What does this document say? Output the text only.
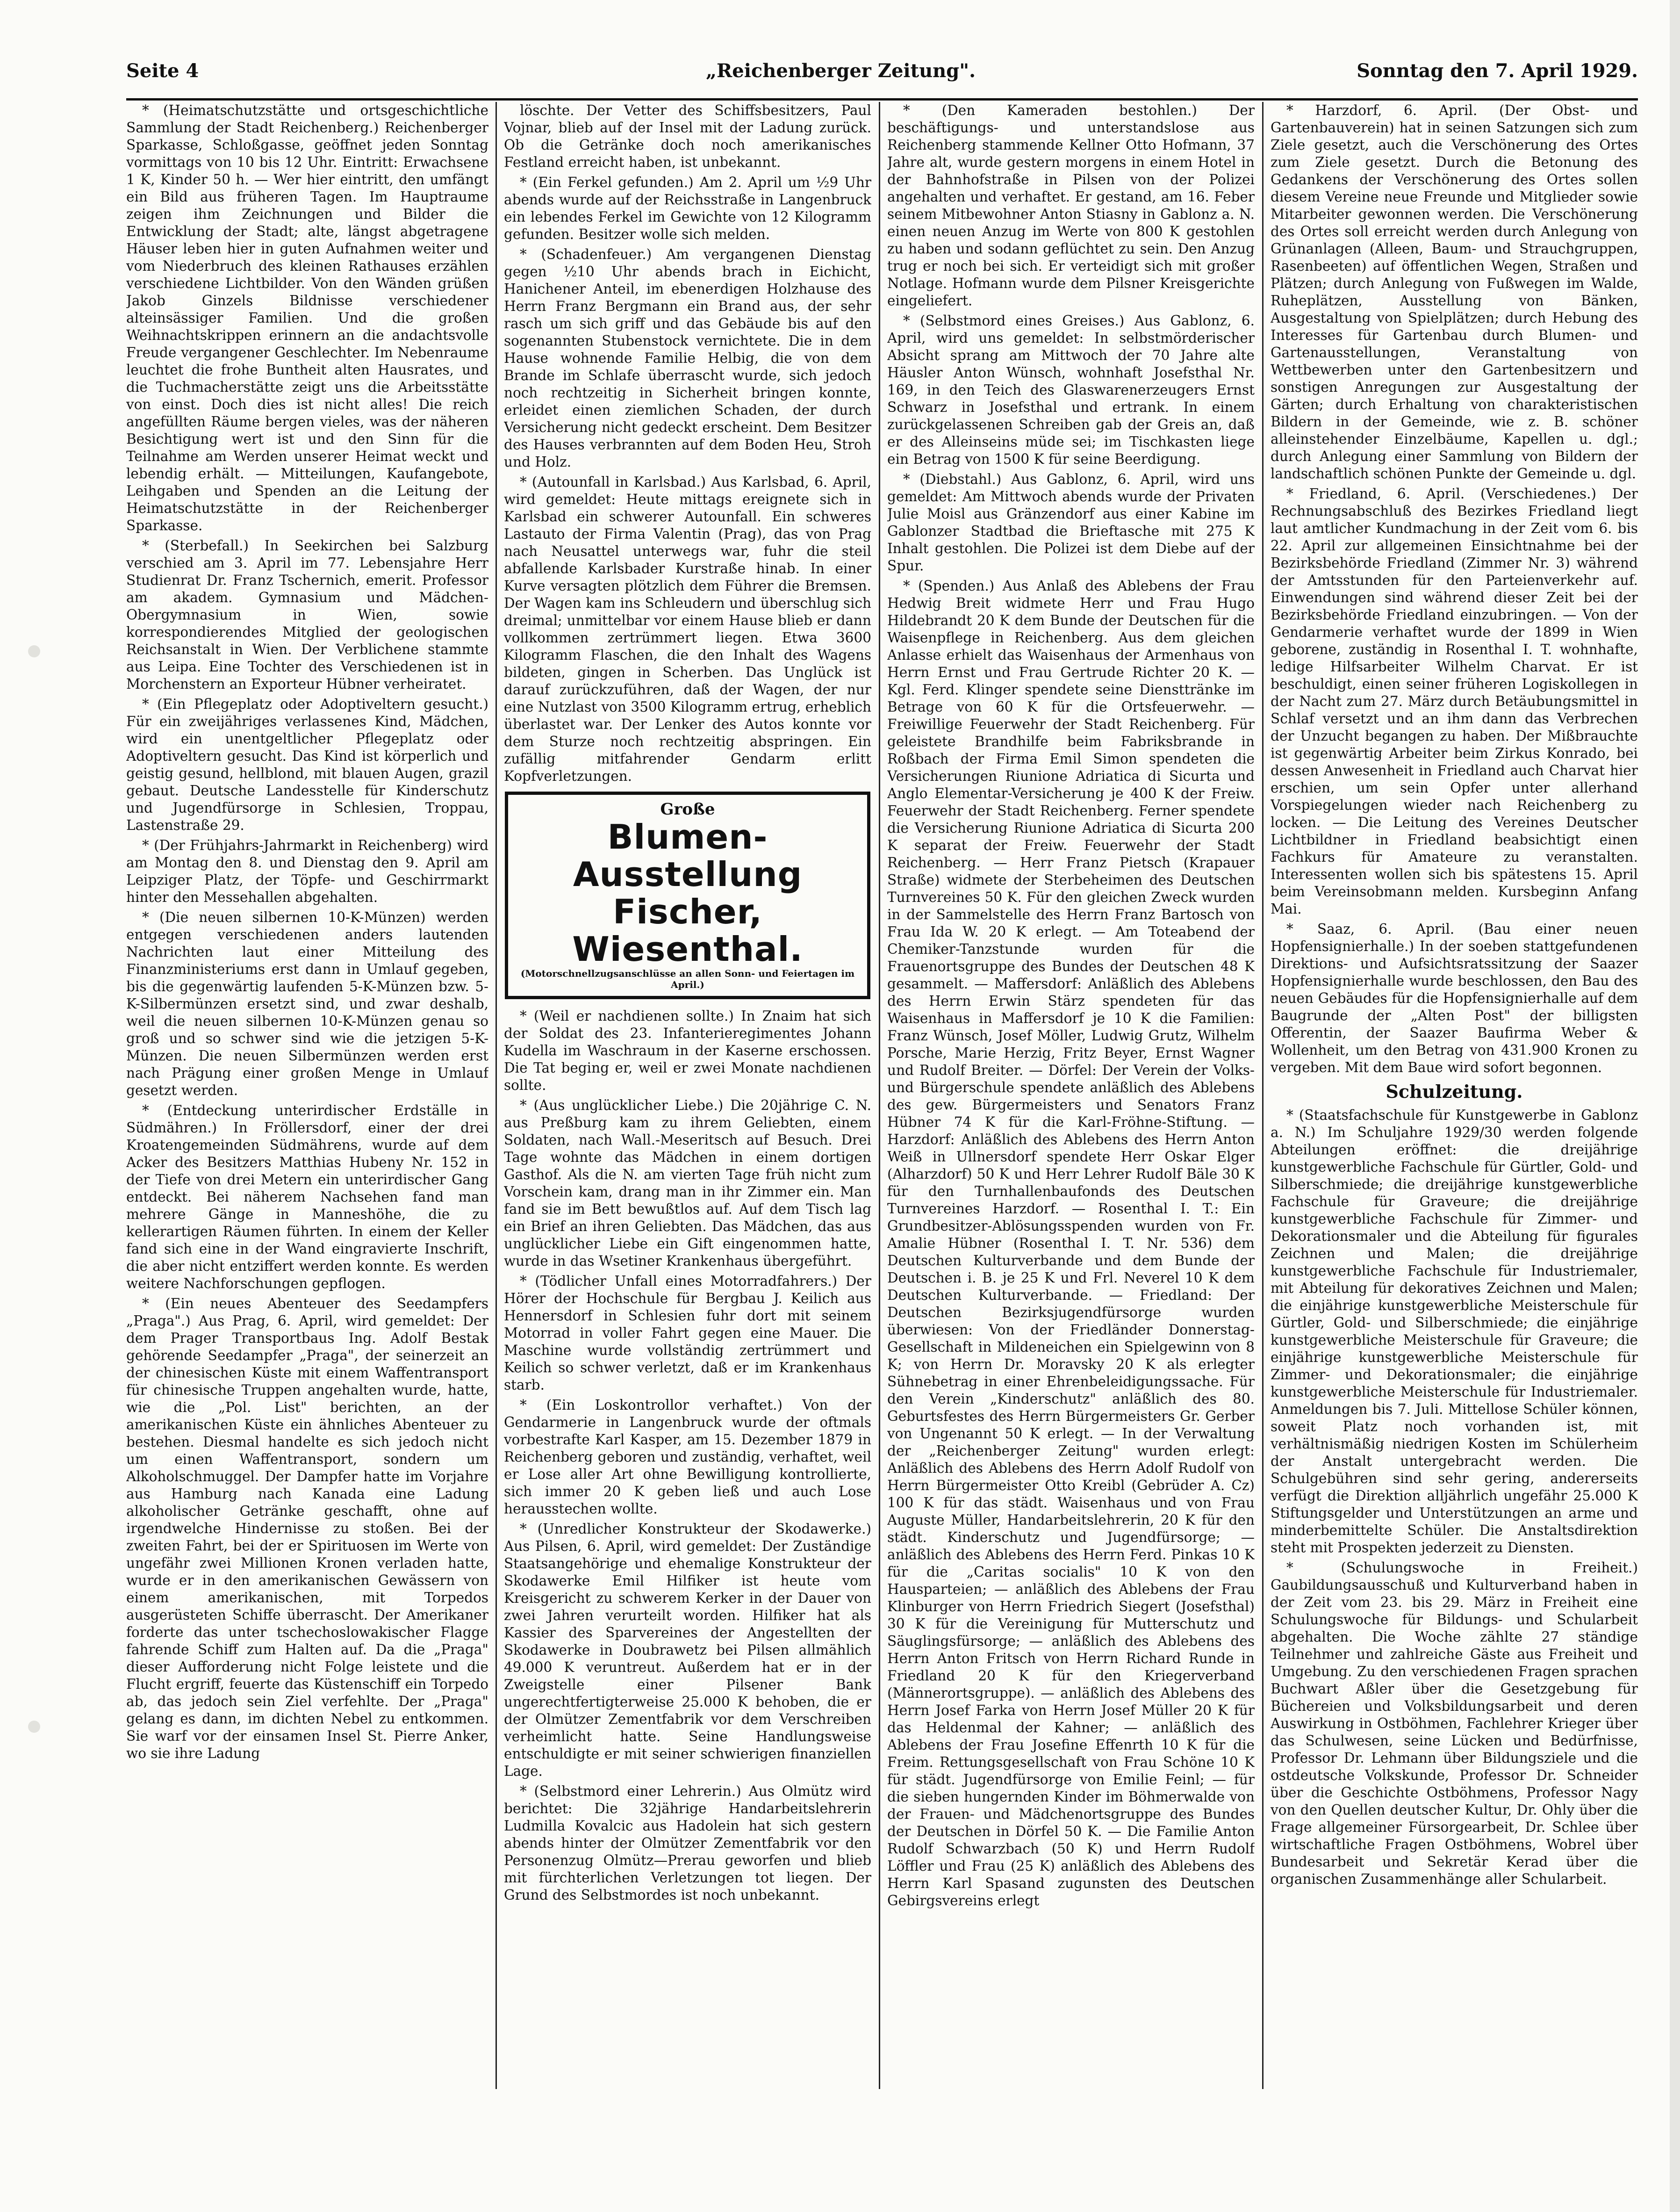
Seite 4	„Reichenberger Zeitung".	Sonntag den 7. April 1929.

* (Heimatschutzstätte und ortsgeschichtliche Sammlung der Stadt Reichenberg.) Reichenberger Sparkasse, Schloßgasse, geöffnet jeden Sonntag vormittags von 10 bis 12 Uhr. Eintritt: Erwachsene 1 K, Kinder 50 h. — Wer hier eintritt, den umfängt ein Bild aus früheren Tagen. Im Hauptraume zeigen ihm Zeichnungen und Bilder die Entwicklung der Stadt; alte, längst abgetragene Häuser leben hier in guten Aufnahmen weiter und vom Niederbruch des kleinen Rathauses erzählen verschiedene Lichtbilder. Von den Wänden grüßen Jakob Ginzels Bildnisse verschiedener alteinsässiger Familien. Und die großen Weihnachtskrippen erinnern an die andachtsvolle Freude vergangener Geschlechter. Im Nebenraume leuchtet die frohe Buntheit alten Hausrates, und die Tuchmacherstätte zeigt uns die Arbeitsstätte von einst. Doch dies ist nicht alles! Die reich angefüllten Räume bergen vieles, was der näheren Besichtigung wert ist und den Sinn für die Teilnahme am Werden unserer Heimat weckt und lebendig erhält. — Mitteilungen, Kaufangebote, Leihgaben und Spenden an die Leitung der Heimatschutzstätte in der Reichenberger Sparkasse.

* (Sterbefall.) In Seekirchen bei Salzburg verschied am 3. April im 77. Lebensjahre Herr Studienrat Dr. Franz Tschernich, emerit. Professor am akadem. Gymnasium und Mädchen-Obergymnasium in Wien, sowie korrespondierendes Mitglied der geologischen Reichsanstalt in Wien. Der Verblichene stammte aus Leipa. Eine Tochter des Verschiedenen ist in Morchenstern an Exporteur Hübner verheiratet.

* (Ein Pflegeplatz oder Adoptiveltern gesucht.) Für ein zweijähriges verlassenes Kind, Mädchen, wird ein unentgeltlicher Pflegeplatz oder Adoptiveltern gesucht. Das Kind ist körperlich und geistig gesund, hellblond, mit blauen Augen, grazil gebaut. Deutsche Landesstelle für Kinderschutz und Jugendfürsorge in Schlesien, Troppau, Lastenstraße 29.

* (Der Frühjahrs-Jahrmarkt in Reichenberg) wird am Montag den 8. und Dienstag den 9. April am Leipziger Platz, der Töpfe- und Geschirrmarkt hinter den Messehallen abgehalten.

* (Die neuen silbernen 10-K-Münzen) werden entgegen verschiedenen anders lautenden Nachrichten laut einer Mitteilung des Finanzministeriums erst dann in Umlauf gegeben, bis die gegenwärtig laufenden 5-K-Münzen bzw. 5-K-Silbermünzen ersetzt sind, und zwar deshalb, weil die neuen silbernen 10-K-Münzen genau so groß und so schwer sind wie die jetzigen 5-K-Münzen. Die neuen Silbermünzen werden erst nach Prägung einer großen Menge in Umlauf gesetzt werden.

* (Entdeckung unterirdischer Erdställe in Südmähren.) In Fröllersdorf, einer der drei Kroatengemeinden Südmährens, wurde auf dem Acker des Besitzers Matthias Hubeny Nr. 152 in der Tiefe von drei Metern ein unterirdischer Gang entdeckt. Bei näherem Nachsehen fand man mehrere Gänge in Manneshöhe, die zu kellerartigen Räumen führten. In einem der Keller fand sich eine in der Wand eingravierte Inschrift, die aber nicht entziffert werden konnte. Es werden weitere Nachforschungen gepflogen.

* (Ein neues Abenteuer des Seedampfers „Praga".) Aus Prag, 6. April, wird gemeldet: Der dem Prager Transportbaus Ing. Adolf Bestak gehörende Seedampfer „Praga", der seinerzeit an der chinesischen Küste mit einem Waffentransport für chinesische Truppen angehalten wurde, hatte, wie die „Pol. List" berichten, an der amerikanischen Küste ein ähnliches Abenteuer zu bestehen. Diesmal handelte es sich jedoch nicht um einen Waffentransport, sondern um Alkoholschmuggel. Der Dampfer hatte im Vorjahre aus Hamburg nach Kanada eine Ladung alkoholischer Getränke geschafft, ohne auf irgendwelche Hindernisse zu stoßen. Bei der zweiten Fahrt, bei der er Spirituosen im Werte von ungefähr zwei Millionen Kronen verladen hatte, wurde er in den amerikanischen Gewässern von einem amerikanischen, mit Torpedos ausgerüsteten Schiffe überrascht. Der Amerikaner forderte das unter tschechoslowakischer Flagge fahrende Schiff zum Halten auf. Da die „Praga" dieser Aufforderung nicht Folge leistete und die Flucht ergriff, feuerte das Küstenschiff ein Torpedo ab, das jedoch sein Ziel verfehlte. Der „Praga" gelang es dann, im dichten Nebel zu entkommen. Sie warf vor der einsamen Insel St. Pierre Anker, wo sie ihre Ladung

löschte. Der Vetter des Schiffsbesitzers, Paul Vojnar, blieb auf der Insel mit der Ladung zurück. Ob die Getränke doch noch amerikanisches Festland erreicht haben, ist unbekannt.

* (Ein Ferkel gefunden.) Am 2. April um ½9 Uhr abends wurde auf der Reichsstraße in Langenbruck ein lebendes Ferkel im Gewichte von 12 Kilogramm gefunden. Besitzer wolle sich melden.

* (Schadenfeuer.) Am vergangenen Dienstag gegen ½10 Uhr abends brach in Eichicht, Hanichener Anteil, im ebenerdigen Holzhause des Herrn Franz Bergmann ein Brand aus, der sehr rasch um sich griff und das Gebäude bis auf den sogenannten Stubenstock vernichtete. Die in dem Hause wohnende Familie Helbig, die von dem Brande im Schlafe überrascht wurde, sich jedoch noch rechtzeitig in Sicherheit bringen konnte, erleidet einen ziemlichen Schaden, der durch Versicherung nicht gedeckt erscheint. Dem Besitzer des Hauses verbrannten auf dem Boden Heu, Stroh und Holz.

* (Autounfall in Karlsbad.) Aus Karlsbad, 6. April, wird gemeldet: Heute mittags ereignete sich in Karlsbad ein schwerer Autounfall. Ein schweres Lastauto der Firma Valentin (Prag), das von Prag nach Neusattel unterwegs war, fuhr die steil abfallende Karlsbader Kurstraße hinab. In einer Kurve versagten plötzlich dem Führer die Bremsen. Der Wagen kam ins Schleudern und überschlug sich dreimal; unmittelbar vor einem Hause blieb er dann vollkommen zertrümmert liegen. Etwa 3600 Kilogramm Flaschen, die den Inhalt des Wagens bildeten, gingen in Scherben. Das Unglück ist darauf zurückzuführen, daß der Wagen, der nur eine Nutzlast von 3500 Kilogramm ertrug, erheblich überlastet war. Der Lenker des Autos konnte vor dem Sturze noch rechtzeitig abspringen. Ein zufällig mitfahrender Gendarm erlitt Kopfverletzungen.

Große
Blumen-Ausstellung
Fischer, Wiesenthal.
(Motorschnellzugsanschlüsse an allen Sonn- und Feiertagen im April.)

* (Weil er nachdienen sollte.) In Znaim hat sich der Soldat des 23. Infanterieregimentes Johann Kudella im Waschraum in der Kaserne erschossen. Die Tat beging er, weil er zwei Monate nachdienen sollte.

* (Aus unglücklicher Liebe.) Die 20jährige C. N. aus Preßburg kam zu ihrem Geliebten, einem Soldaten, nach Wall.-Meseritsch auf Besuch. Drei Tage wohnte das Mädchen in einem dortigen Gasthof. Als die N. am vierten Tage früh nicht zum Vorschein kam, drang man in ihr Zimmer ein. Man fand sie im Bett bewußtlos auf. Auf dem Tisch lag ein Brief an ihren Geliebten. Das Mädchen, das aus unglücklicher Liebe ein Gift eingenommen hatte, wurde in das Wsetiner Krankenhaus übergeführt.

* (Tödlicher Unfall eines Motorradfahrers.) Der Hörer der Hochschule für Bergbau J. Keilich aus Hennersdorf in Schlesien fuhr dort mit seinem Motorrad in voller Fahrt gegen eine Mauer. Die Maschine wurde vollständig zertrümmert und Keilich so schwer verletzt, daß er im Krankenhaus starb.

* (Ein Loskontrollor verhaftet.) Von der Gendarmerie in Langenbruck wurde der oftmals vorbestrafte Karl Kasper, am 15. Dezember 1879 in Reichenberg geboren und zuständig, verhaftet, weil er Lose aller Art ohne Bewilligung kontrollierte, sich immer 20 K geben ließ und auch Lose herausstechen wollte.

* (Unredlicher Konstrukteur der Skodawerke.) Aus Pilsen, 6. April, wird gemeldet: Der Zuständige Staatsangehörige und ehemalige Konstrukteur der Skodawerke Emil Hilfiker ist heute vom Kreisgericht zu schwerem Kerker in der Dauer von zwei Jahren verurteilt worden. Hilfiker hat als Kassier des Sparvereines der Angestellten der Skodawerke in Doubrawetz bei Pilsen allmählich 49.000 K veruntreut. Außerdem hat er in der Zweigstelle einer Pilsener Bank ungerechtfertigterweise 25.000 K behoben, die er der Olmützer Zementfabrik vor dem Verschreiben verheimlicht hatte. Seine Handlungsweise entschuldigte er mit seiner schwierigen finanziellen Lage.

* (Selbstmord einer Lehrerin.) Aus Olmütz wird berichtet: Die 32jährige Handarbeitslehrerin Ludmilla Kovalcic aus Hadolein hat sich gestern abends hinter der Olmützer Zementfabrik vor den Personenzug Olmütz—Prerau geworfen und blieb mit fürchterlichen Verletzungen tot liegen. Der Grund des Selbstmordes ist noch unbekannt.

* (Den Kameraden bestohlen.) Der beschäftigungs- und unterstandslose aus Reichenberg stammende Kellner Otto Hofmann, 37 Jahre alt, wurde gestern morgens in einem Hotel in der Bahnhofstraße in Pilsen von der Polizei angehalten und verhaftet. Er gestand, am 16. Feber seinem Mitbewohner Anton Stiasny in Gablonz a. N. einen neuen Anzug im Werte von 800 K gestohlen zu haben und sodann geflüchtet zu sein. Den Anzug trug er noch bei sich. Er verteidigt sich mit großer Notlage. Hofmann wurde dem Pilsner Kreisgerichte eingeliefert.

* (Selbstmord eines Greises.) Aus Gablonz, 6. April, wird uns gemeldet: In selbstmörderischer Absicht sprang am Mittwoch der 70 Jahre alte Häusler Anton Wünsch, wohnhaft Josefsthal Nr. 169, in den Teich des Glaswarenerzeugers Ernst Schwarz in Josefsthal und ertrank. In einem zurückgelassenen Schreiben gab der Greis an, daß er des Alleinseins müde sei; im Tischkasten liege ein Betrag von 1500 K für seine Beerdigung.

* (Diebstahl.) Aus Gablonz, 6. April, wird uns gemeldet: Am Mittwoch abends wurde der Privaten Julie Moisl aus Gränzendorf aus einer Kabine im Gablonzer Stadtbad die Brieftasche mit 275 K Inhalt gestohlen. Die Polizei ist dem Diebe auf der Spur.

* (Spenden.) Aus Anlaß des Ablebens der Frau Hedwig Breit widmete Herr und Frau Hugo Hildebrandt 20 K dem Bunde der Deutschen für die Waisenpflege in Reichenberg. Aus dem gleichen Anlasse erhielt das Waisenhaus der Armenhaus von Herrn Ernst und Frau Gertrude Richter 20 K. — Kgl. Ferd. Klinger spendete seine Diensttränke im Betrage von 60 K für die Ortsfeuerwehr. — Freiwillige Feuerwehr der Stadt Reichenberg. Für geleistete Brandhilfe beim Fabriksbrande in Roßbach der Firma Emil Simon spendeten die Versicherungen Riunione Adriatica di Sicurta und Anglo Elementar-Versicherung je 400 K der Freiw. Feuerwehr der Stadt Reichenberg. Ferner spendete die Versicherung Riunione Adriatica di Sicurta 200 K separat der Freiw. Feuerwehr der Stadt Reichenberg. — Herr Franz Pietsch (Krapauer Straße) widmete der Sterbeheimen des Deutschen Turnvereines 50 K. Für den gleichen Zweck wurden in der Sammelstelle des Herrn Franz Bartosch von Frau Ida W. 20 K erlegt. — Am Toteabend der Chemiker-Tanzstunde wurden für die Frauenortsgruppe des Bundes der Deutschen 48 K gesammelt. — Maffersdorf: Anläßlich des Ablebens des Herrn Erwin Stärz spendeten für das Waisenhaus in Maffersdorf je 10 K die Familien: Franz Wünsch, Josef Möller, Ludwig Grutz, Wilhelm Porsche, Marie Herzig, Fritz Beyer, Ernst Wagner und Rudolf Breiter. — Dörfel: Der Verein der Volks- und Bürgerschule spendete anläßlich des Ablebens des gew. Bürgermeisters und Senators Franz Hübner 74 K für die Karl-Fröhne-Stiftung. — Harzdorf: Anläßlich des Ablebens des Herrn Anton Weiß in Ullnersdorf spendete Herr Oskar Elger (Alharzdorf) 50 K und Herr Lehrer Rudolf Bäle 30 K für den Turnhallenbaufonds des Deutschen Turnvereines Harzdorf. — Rosenthal I. T.: Ein Grundbesitzer-Ablösungsspenden wurden von Fr. Amalie Hübner (Rosenthal I. T. Nr. 536) dem Deutschen Kulturverbande und dem Bunde der Deutschen i. B. je 25 K und Frl. Neverel 10 K dem Deutschen Kulturverbande. — Friedland: Der Deutschen Bezirksjugendfürsorge wurden überwiesen: Von der Friedländer Donnerstag-Gesellschaft in Mildeneichen ein Spielgewinn von 8 K; von Herrn Dr. Moravsky 20 K als erlegter Sühnebetrag in einer Ehrenbeleidigungssache. Für den Verein „Kinderschutz" anläßlich des 80. Geburtsfestes des Herrn Bürgermeisters Gr. Gerber von Ungenannt 50 K erlegt. — In der Verwaltung der „Reichenberger Zeitung" wurden erlegt: Anläßlich des Ablebens des Herrn Adolf Rudolf von Herrn Bürgermeister Otto Kreibl (Gebrüder A. Cz) 100 K für das städt. Waisenhaus und von Frau Auguste Müller, Handarbeitslehrerin, 20 K für den städt. Kinderschutz und Jugendfürsorge; — anläßlich des Ablebens des Herrn Ferd. Pinkas 10 K für die „Caritas socialis" 10 K von den Hausparteien; — anläßlich des Ablebens der Frau Klinburger von Herrn Friedrich Siegert (Josefsthal) 30 K für die Vereinigung für Mutterschutz und Säuglingsfürsorge; — anläßlich des Ablebens des Herrn Anton Fritsch von Herrn Richard Runde in Friedland 20 K für den Kriegerverband (Männerortsgruppe). — anläßlich des Ablebens des Herrn Josef Farka von Herrn Josef Müller 20 K für das Heldenmal der Kahner; — anläßlich des Ablebens der Frau Josefine Effenrth 10 K für die Freim. Rettungsgesellschaft von Frau Schöne 10 K für städt. Jugendfürsorge von Emilie Feinl; — für die sieben hungernden Kinder im Böhmerwalde von der Frauen- und Mädchenortsgruppe des Bundes der Deutschen in Dörfel 50 K. — Die Familie Anton Rudolf Schwarzbach (50 K) und Herrn Rudolf Löffler und Frau (25 K) anläßlich des Ablebens des Herrn Karl Spasand zugunsten des Deutschen Gebirgsvereins erlegt

* Harzdorf, 6. April. (Der Obst- und Gartenbauverein) hat in seinen Satzungen sich zum Ziele gesetzt, auch die Verschönerung des Ortes zum Ziele gesetzt. Durch die Betonung des Gedankens der Verschönerung des Ortes sollen diesem Vereine neue Freunde und Mitglieder sowie Mitarbeiter gewonnen werden. Die Verschönerung des Ortes soll erreicht werden durch Anlegung von Grünanlagen (Alleen, Baum- und Strauchgruppen, Rasenbeeten) auf öffentlichen Wegen, Straßen und Plätzen; durch Anlegung von Fußwegen im Walde, Ruheplätzen, Ausstellung von Bänken, Ausgestaltung von Spielplätzen; durch Hebung des Interesses für Gartenbau durch Blumen- und Gartenausstellungen, Veranstaltung von Wettbewerben unter den Gartenbesitzern und sonstigen Anregungen zur Ausgestaltung der Gärten; durch Erhaltung von charakteristischen Bildern in der Gemeinde, wie z. B. schöner alleinstehender Einzelbäume, Kapellen u. dgl.; durch Anlegung einer Sammlung von Bildern der landschaftlich schönen Punkte der Gemeinde u. dgl.

* Friedland, 6. April. (Verschiedenes.) Der Rechnungsabschluß des Bezirkes Friedland liegt laut amtlicher Kundmachung in der Zeit vom 6. bis 22. April zur allgemeinen Einsichtnahme bei der Bezirksbehörde Friedland (Zimmer Nr. 3) während der Amtsstunden für den Parteienverkehr auf. Einwendungen sind während dieser Zeit bei der Bezirksbehörde Friedland einzubringen. — Von der Gendarmerie verhaftet wurde der 1899 in Wien geborene, zuständig in Rosenthal I. T. wohnhafte, ledige Hilfsarbeiter Wilhelm Charvat. Er ist beschuldigt, einen seiner früheren Logiskollegen in der Nacht zum 27. März durch Betäubungsmittel in Schlaf versetzt und an ihm dann das Verbrechen der Unzucht begangen zu haben. Der Mißbrauchte ist gegenwärtig Arbeiter beim Zirkus Konrado, bei dessen Anwesenheit in Friedland auch Charvat hier erschien, um sein Opfer unter allerhand Vorspiegelungen wieder nach Reichenberg zu locken. — Die Leitung des Vereines Deutscher Lichtbildner in Friedland beabsichtigt einen Fachkurs für Amateure zu veranstalten. Interessenten wollen sich bis spätestens 15. April beim Vereinsobmann melden. Kursbeginn Anfang Mai.

* Saaz, 6. April. (Bau einer neuen Hopfensignierhalle.) In der soeben stattgefundenen Direktions- und Aufsichtsratssitzung der Saazer Hopfensignierhalle wurde beschlossen, den Bau des neuen Gebäudes für die Hopfensignierhalle auf dem Baugrunde der „Alten Post" der billigsten Offerentin, der Saazer Baufirma Weber & Wollenheit, um den Betrag von 431.900 Kronen zu vergeben. Mit dem Baue wird sofort begonnen.

Schulzeitung.

* (Staatsfachschule für Kunstgewerbe in Gablonz a. N.) Im Schuljahre 1929/30 werden folgende Abteilungen eröffnet: die dreijährige kunstgewerbliche Fachschule für Gürtler, Gold- und Silberschmiede; die dreijährige kunstgewerbliche Fachschule für Graveure; die dreijährige kunstgewerbliche Fachschule für Zimmer- und Dekorationsmaler und die Abteilung für figurales Zeichnen und Malen; die dreijährige kunstgewerbliche Fachschule für Industriemaler, mit Abteilung für dekoratives Zeichnen und Malen; die einjährige kunstgewerbliche Meisterschule für Gürtler, Gold- und Silberschmiede; die einjährige kunstgewerbliche Meisterschule für Graveure; die einjährige kunstgewerbliche Meisterschule für Zimmer- und Dekorationsmaler; die einjährige kunstgewerbliche Meisterschule für Industriemaler. Anmeldungen bis 7. Juli. Mittellose Schüler können, soweit Platz noch vorhanden ist, mit verhältnismäßig niedrigen Kosten im Schülerheim der Anstalt untergebracht werden. Die Schulgebühren sind sehr gering, andererseits verfügt die Direktion alljährlich ungefähr 25.000 K Stiftungsgelder und Unterstützungen an arme und minderbemittelte Schüler. Die Anstaltsdirektion steht mit Prospekten jederzeit zu Diensten.

* (Schulungswoche in Freiheit.) Gaubildungsausschuß und Kulturverband haben in der Zeit vom 23. bis 29. März in Freiheit eine Schulungswoche für Bildungs- und Schularbeit abgehalten. Die Woche zählte 27 ständige Teilnehmer und zahlreiche Gäste aus Freiheit und Umgebung. Zu den verschiedenen Fragen sprachen Buchwart Aßler über die Gesetzgebung für Büchereien und Volksbildungsarbeit und deren Auswirkung in Ostböhmen, Fachlehrer Krieger über das Schulwesen, seine Lücken und Bedürfnisse, Professor Dr. Lehmann über Bildungsziele und die ostdeutsche Volkskunde, Professor Dr. Schneider über die Geschichte Ostböhmens, Professor Nagy von den Quellen deutscher Kultur, Dr. Ohly über die Frage allgemeiner Fürsorgearbeit, Dr. Schlee über wirtschaftliche Fragen Ostböhmens, Wobrel über Bundesarbeit und Sekretär Kerad über die organischen Zusammenhänge aller Schularbeit.
